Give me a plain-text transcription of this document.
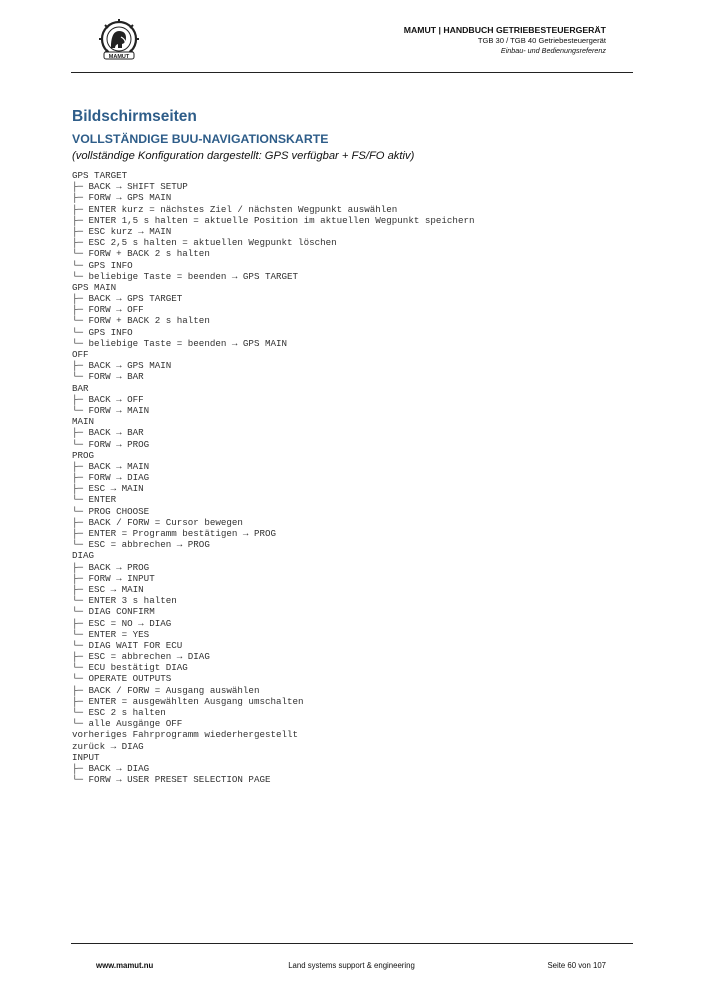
MAMUT
MAMUT | HANDBUCH GETRIEBESTEUERGERÄT
TGB 30 / TGB 40 Getriebesteuergerät
Einbau- und Bedienungsreferenz
Bildschirmseiten
VOLLSTÄNDIGE BUU-NAVIGATIONSKARTE

(vollständige Konfiguration dargestellt: GPS verfügbar + FS/FO aktiv)

GPS TARGET
├─ BACK → SHIFT SETUP
├─ FORW → GPS MAIN
├─ ENTER kurz = nächstes Ziel / nächsten Wegpunkt auswählen
├─ ENTER 1,5 s halten = aktuelle Position im aktuellen Wegpunkt speichern
├─ ESC kurz → MAIN
├─ ESC 2,5 s halten = aktuellen Wegpunkt löschen
└─ FORW + BACK 2 s halten
└─ GPS INFO
└─ beliebige Taste = beenden → GPS TARGET
GPS MAIN
├─ BACK → GPS TARGET
├─ FORW → OFF
└─ FORW + BACK 2 s halten
└─ GPS INFO
└─ beliebige Taste = beenden → GPS MAIN
OFF
├─ BACK → GPS MAIN
└─ FORW → BAR
BAR
├─ BACK → OFF
└─ FORW → MAIN
MAIN
├─ BACK → BAR
└─ FORW → PROG
PROG
├─ BACK → MAIN
├─ FORW → DIAG
├─ ESC → MAIN
└─ ENTER
└─ PROG CHOOSE
├─ BACK / FORW = Cursor bewegen
├─ ENTER = Programm bestätigen → PROG
└─ ESC = abbrechen → PROG
DIAG
├─ BACK → PROG
├─ FORW → INPUT
├─ ESC → MAIN
└─ ENTER 3 s halten
└─ DIAG CONFIRM
├─ ESC = NO → DIAG
└─ ENTER = YES
└─ DIAG WAIT FOR ECU
├─ ESC = abbrechen → DIAG
└─ ECU bestätigt DIAG
└─ OPERATE OUTPUTS
├─ BACK / FORW = Ausgang auswählen
├─ ENTER = ausgewählten Ausgang umschalten
└─ ESC 2 s halten
└─ alle Ausgänge OFF
vorheriges Fahrprogramm wiederhergestellt
zurück → DIAG
INPUT
├─ BACK → DIAG
└─ FORW → USER PRESET SELECTION PAGE
www.mamut.nu	Land systems support & engineering	Seite 60 von 107
